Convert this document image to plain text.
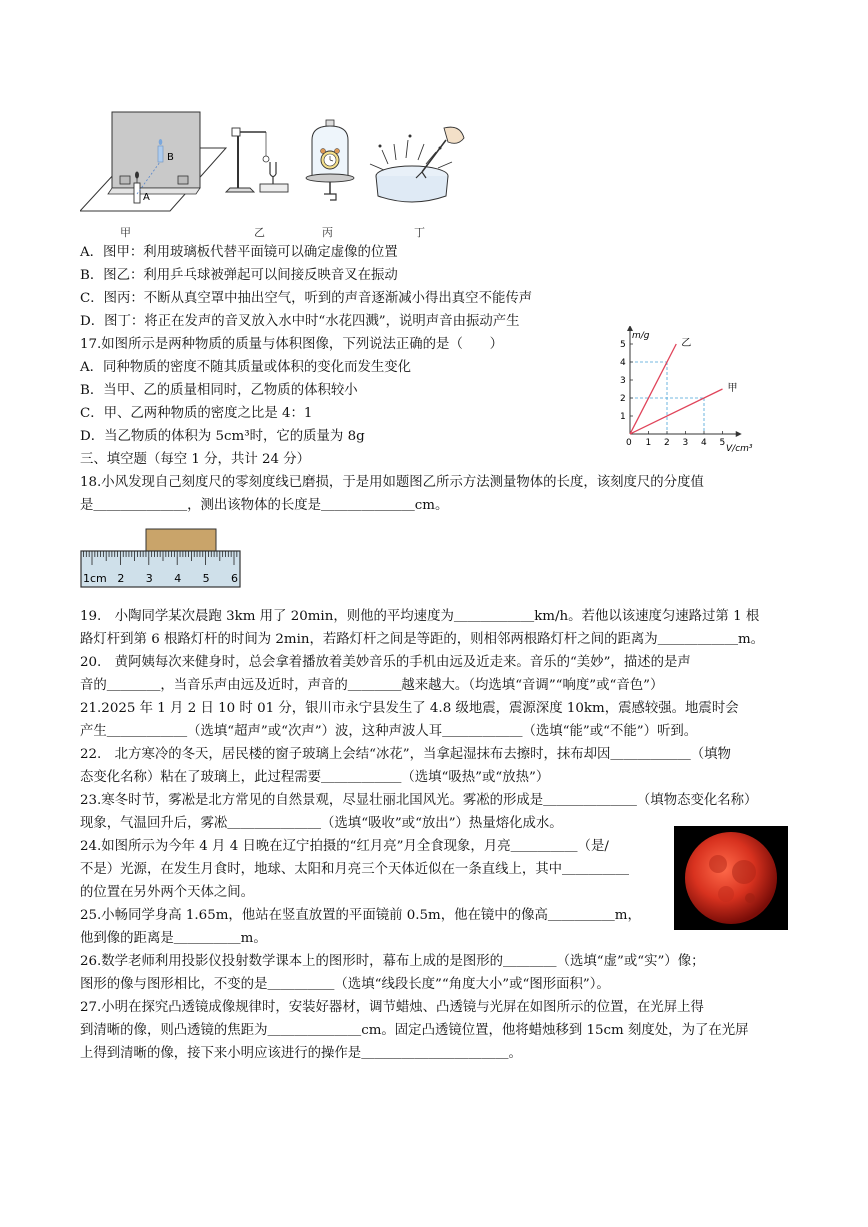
A
B
甲	乙	丙	丁
A．图甲：利用玻璃板代替平面镜可以确定虚像的位置
B．图乙：利用乒乓球被弹起可以间接反映音叉在振动
C．图丙：不断从真空罩中抽出空气，听到的声音逐渐减小得出真空不能传声
D．图丁：将正在发声的音叉放入水中时“水花四溅”，说明声音由振动产生
17.如图所示是两种物质的质量与体积图像，下列说法正确的是（　　）
A．同种物质的密度不随其质量或体积的变化而发生变化
B．当甲、乙的质量相同时，乙物质的体积较小
C．甲、乙两种物质的密度之比是 4：1
D．当乙物质的体积为 5cm³时，它的质量为 8g
乙
甲
0 1 2 3 4 5
1
2
3
4
5
m/g
V/cm³
三、填空题（每空 1 分，共计 24 分）
18.小风发现自己刻度尺的零刻度线已磨损，于是用如题图乙所示方法测量物体的长度，该刻度尺的分度值
是＿＿＿＿＿＿＿，测出该物体的长度是＿＿＿＿＿＿＿cm。
1cm 2 3 4 5 6
19.　小陶同学某次晨跑 3km 用了 20min，则他的平均速度为＿＿＿＿＿＿km/h。若他以该速度匀速路过第 1 根
路灯杆到第 6 根路灯杆的时间为 2min，若路灯杆之间是等距的，则相邻两根路灯杆之间的距离为＿＿＿＿＿＿m。
20.　黄阿姨每次来健身时，总会拿着播放着美妙音乐的手机由远及近走来。音乐的“美妙”，描述的是声
音的＿＿＿＿，当音乐声由远及近时，声音的＿＿＿＿越来越大。（均选填“音调”“响度”或“音色”）
21.2025 年 1 月 2 日 10 时 01 分，银川市永宁县发生了 4.8 级地震，震源深度 10km，震感较强。地震时会
产生＿＿＿＿＿＿（选填“超声”或“次声”）波，这种声波人耳＿＿＿＿＿＿（选填“能”或“不能”）听到。
22.　北方寒冷的冬天，居民楼的窗子玻璃上会结“冰花”，当拿起湿抹布去擦时，抹布却因＿＿＿＿＿＿（填物
态变化名称）粘在了玻璃上，此过程需要＿＿＿＿＿＿（选填“吸热”或“放热”）
23.寒冬时节，雾凇是北方常见的自然景观，尽显壮丽北国风光。雾凇的形成是＿＿＿＿＿＿＿（填物态变化名称）
现象，气温回升后，雾凇＿＿＿＿＿＿＿（选填“吸收”或“放出”）热量熔化成水。
24.如图所示为今年 4 月 4 日晚在辽宁拍摄的“红月亮”月全食现象，月亮＿＿＿＿＿（是/
不是）光源，在发生月食时，地球、太阳和月亮三个天体近似在一条直线上，其中＿＿＿＿＿
的位置在另外两个天体之间。
25.小畅同学身高 1.65m，他站在竖直放置的平面镜前 0.5m，他在镜中的像高＿＿＿＿＿m，
他到像的距离是＿＿＿＿＿m。
26.数学老师利用投影仪投射数学课本上的图形时，幕布上成的是图形的＿＿＿＿（选填“虚”或“实”）像；
图形的像与图形相比，不变的是＿＿＿＿＿（选填“线段长度”“角度大小”或“图形面积”）。
27.小明在探究凸透镜成像规律时，安装好器材，调节蜡烛、凸透镜与光屏在如图所示的位置，在光屏上得
到清晰的像，则凸透镜的焦距为＿＿＿＿＿＿＿cm。固定凸透镜位置，他将蜡烛移到 15cm 刻度处，为了在光屏
上得到清晰的像，接下来小明应该进行的操作是＿＿＿＿＿＿＿＿＿＿＿。
